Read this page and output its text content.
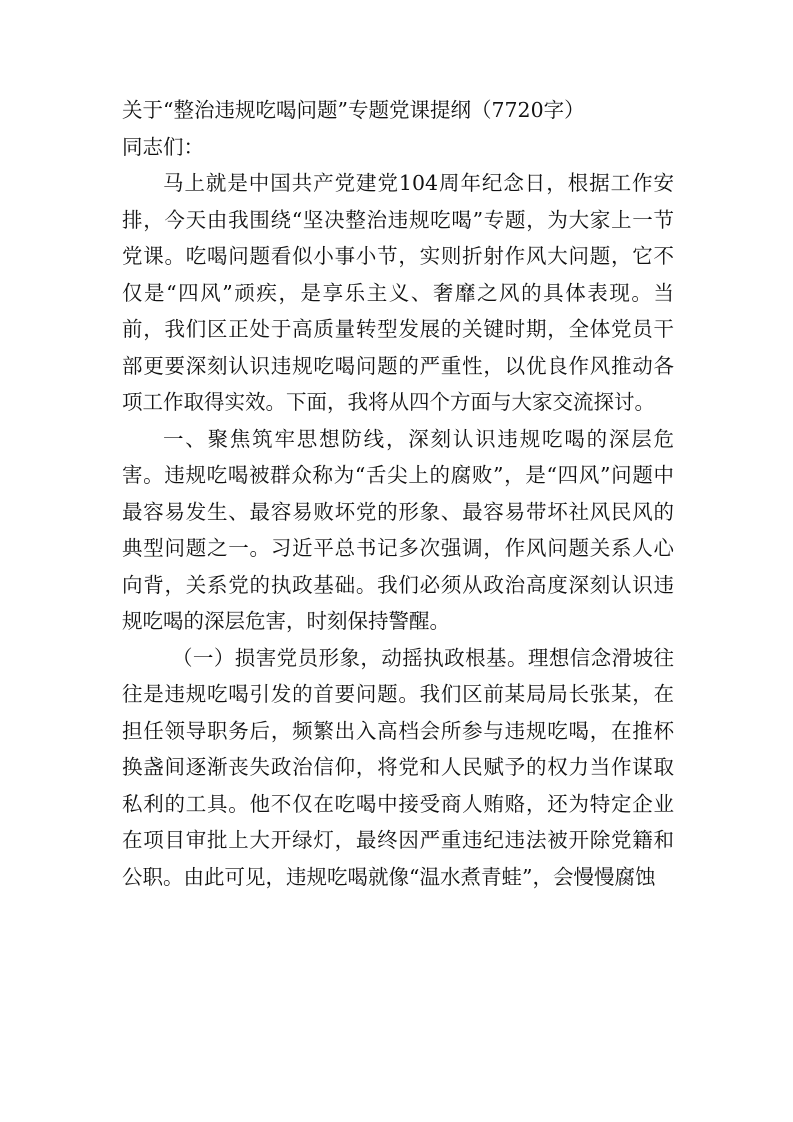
关于“整治违规吃喝问题”专题党课提纲（7720字）

同志们：

马上就是中国共产党建党104周年纪念日，根据工作安排，今天由我围绕“坚决整治违规吃喝”专题，为大家上一节党课。吃喝问题看似小事小节，实则折射作风大问题，它不仅是“四风”顽疾，是享乐主义、奢靡之风的具体表现。当前，我们区正处于高质量转型发展的关键时期，全体党员干部更要深刻认识违规吃喝问题的严重性，以优良作风推动各项工作取得实效。下面，我将从四个方面与大家交流探讨。

一、聚焦筑牢思想防线，深刻认识违规吃喝的深层危害。违规吃喝被群众称为“舌尖上的腐败”，是“四风”问题中最容易发生、最容易败坏党的形象、最容易带坏社风民风的典型问题之一。习近平总书记多次强调，作风问题关系人心向背，关系党的执政基础。我们必须从政治高度深刻认识违规吃喝的深层危害，时刻保持警醒。

（一）损害党员形象，动摇执政根基。理想信念滑坡往往是违规吃喝引发的首要问题。我们区前某局局长张某，在担任领导职务后，频繁出入高档会所参与违规吃喝，在推杯换盏间逐渐丧失政治信仰，将党和人民赋予的权力当作谋取私利的工具。他不仅在吃喝中接受商人贿赂，还为特定企业在项目审批上大开绿灯，最终因严重违纪违法被开除党籍和公职。由此可见，违规吃喝就像“温水煮青蛙”，会慢慢腐蚀
